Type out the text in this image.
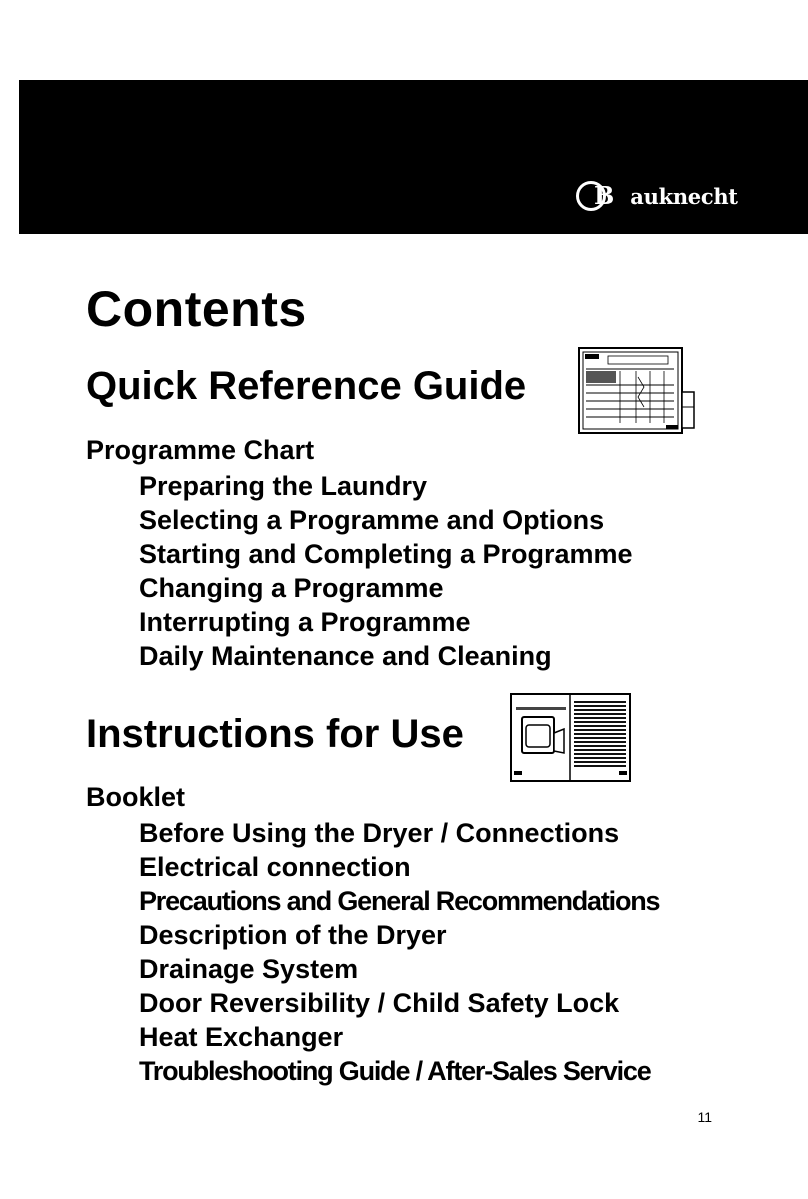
B auknecht
Contents
Quick Reference Guide
Programme Chart
Preparing the Laundry
Selecting a Programme and Options
Starting and Completing a Programme
Changing a Programme
Interrupting a Programme
Daily Maintenance and Cleaning
Instructions for Use
Booklet
Before Using the Dryer / Connections
Electrical connection
Precautions and General Recommendations
Description of the Dryer
Drainage System
Door Reversibility / Child Safety Lock
Heat Exchanger
Troubleshooting Guide / After-Sales Service
11
